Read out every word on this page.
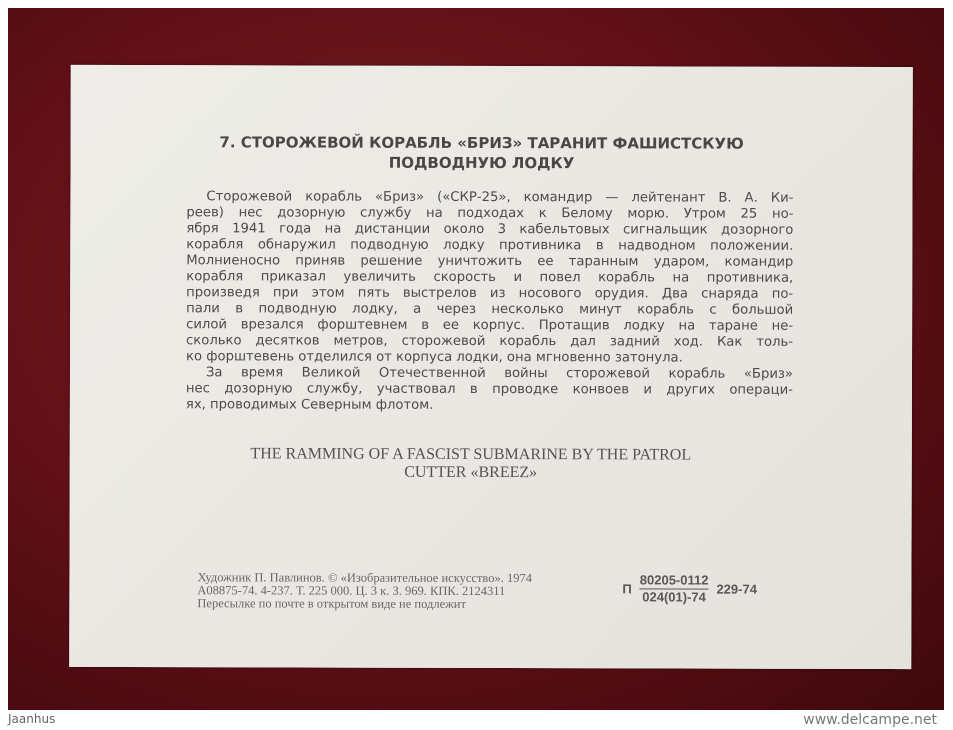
7. СТОРОЖЕВОЙ КОРАБЛЬ «БРИЗ» ТАРАНИТ ФАШИСТСКУЮ
ПОДВОДНУЮ ЛОДКУ
Сторожевой корабль «Бриз» («СКР-25», командир — лейтенант В. А. Ки-
реев) нес дозорную службу на подходах к Белому морю. Утром 25 но-
ября 1941 года на дистанции около 3 кабельтовых сигнальщик дозорного
корабля обнаружил подводную лодку противника в надводном положении.
Молниеносно приняв решение уничтожить ее таранным ударом, командир
корабля приказал увеличить скорость и повел корабль на противника,
произведя при этом пять выстрелов из носового орудия. Два снаряда по-
пали в подводную лодку, а через несколько минут корабль с большой
силой врезался форштевнем в ее корпус. Протащив лодку на таране не-
сколько десятков метров, сторожевой корабль дал задний ход. Как толь-
ко форштевень отделился от корпуса лодки, она мгновенно затонула.
За время Великой Отечественной войны сторожевой корабль «Бриз»
нес дозорную службу, участвовал в проводке конвоев и других операци-
ях, проводимых Северным флотом.
THE RAMMING OF A FASCIST SUBMARINE BY THE PATROL
CUTTER «BREEZ»
Художник П. Павлинов. © «Изобразительное искусство». 1974
А08875-74. 4-237. Т. 225 000. Ц. 3 к. З. 969. КПК. 2124311
Пересылке по почте в открытом виде не подлежит
П $\frac{80205-0112}{024(01)-74} 229-74$
Jaanhus	www.delcampe.net
